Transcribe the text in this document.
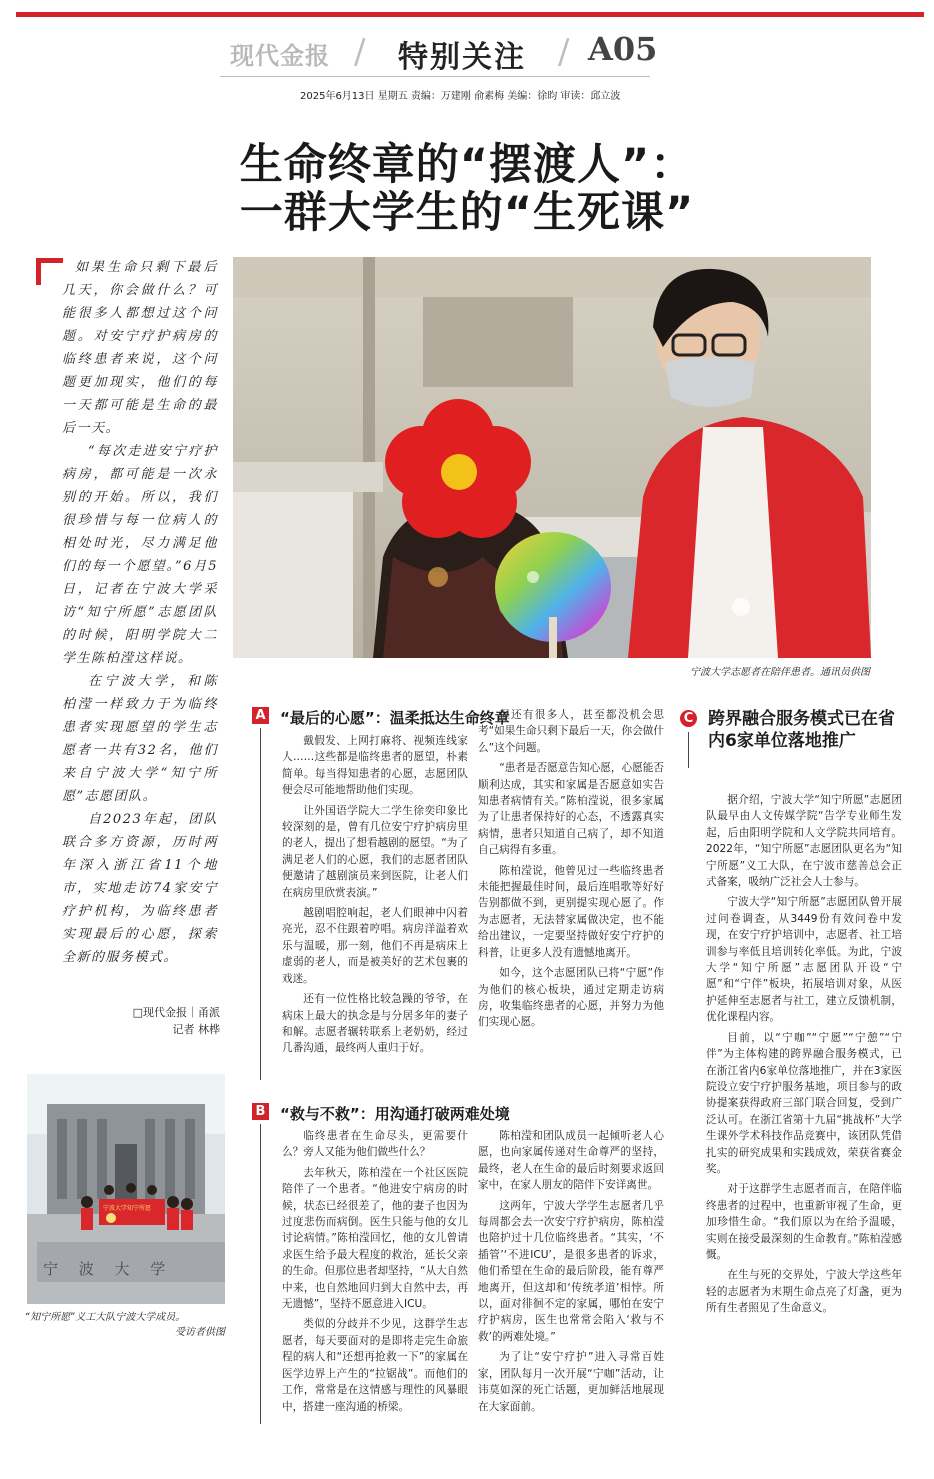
现代金报 / 特别关注 / A05
2025年6月13日 星期五 责编：万建刚 俞素梅 美编：徐昀 审读：邱立波
生命终章的“摆渡人”：
一群大学生的“生死课”

如果生命只剩下最后几天，你会做什么？可能很多人都想过这个问题。对安宁疗护病房的临终患者来说，这个问题更加现实，他们的每一天都可能是生命的最后一天。

“每次走进安宁疗护病房，都可能是一次永别的开始。所以，我们很珍惜与每一位病人的相处时光，尽力满足他们的每一个愿望。”6月5日，记者在宁波大学采访“知宁所愿”志愿团队的时候，阳明学院大二学生陈柏滢这样说。

在宁波大学，和陈柏滢一样致力于为临终患者实现愿望的学生志愿者一共有32名，他们来自宁波大学“知宁所愿”志愿团队。

自2023年起，团队联合多方资源，历时两年深入浙江省11个地市，实地走访74家安宁疗护机构，为临终患者实现最后的心愿，探索全新的服务模式。

□现代金报｜甬派
记者 林桦
宁波大学志愿者在陪伴患者。通讯员供图
宁 波 大 学
宁波大学知宁所愿
“知宁所愿”义工大队宁波大学成员。
受访者供图
A “最后的心愿”：温柔抵达生命终章

戴假发、上网打麻将、视频连线家人……这些都是临终患者的愿望，朴素简单。每当得知患者的心愿，志愿团队便会尽可能地帮助他们实现。

让外国语学院大二学生徐奕印象比较深刻的是，曾有几位安宁疗护病房里的老人，提出了想看越剧的愿望。“为了满足老人们的心愿，我们的志愿者团队便邀请了越剧演员来到医院，让老人们在病房里欣赏表演。”

越剧唱腔响起，老人们眼神中闪着亮光，忍不住跟着哼唱。病房洋溢着欢乐与温暖，那一刻，他们不再是病床上虚弱的老人，而是被美好的艺术包裹的戏迷。

还有一位性格比较急躁的爷爷，在病床上最大的执念是与分居多年的妻子和解。志愿者辗转联系上老奶奶，经过几番沟通，最终两人重归于好。

但还有很多人，甚至都没机会思考“如果生命只剩下最后一天，你会做什么”这个问题。

“患者是否愿意告知心愿，心愿能否顺利达成，其实和家属是否愿意如实告知患者病情有关。”陈柏滢说，很多家属为了让患者保持好的心态，不透露真实病情，患者只知道自己病了，却不知道自己病得有多重。

陈柏滢说，他曾见过一些临终患者未能把握最佳时间，最后连唱歌等好好告别都做不到，更别提实现心愿了。作为志愿者，无法替家属做决定，也不能给出建议，一定要坚持做好安宁疗护的科普，让更多人没有遗憾地离开。

如今，这个志愿团队已将“宁愿”作为他们的核心板块，通过定期走访病房，收集临终患者的心愿，并努力为他们实现心愿。

B “救与不救”：用沟通打破两难处境

临终患者在生命尽头，更需要什么？旁人又能为他们做些什么？

去年秋天，陈柏滢在一个社区医院陪伴了一个患者。“他进安宁病房的时候，状态已经很差了，他的妻子也因为过度悲伤而病倒。医生只能与他的女儿讨论病情。”陈柏滢回忆，他的女儿曾请求医生给予最大程度的救治，延长父亲的生命。但那位患者却坚持，“从大自然中来，也自然地回归到大自然中去，再无遗憾”，坚持不愿意进入ICU。

类似的分歧并不少见，这群学生志愿者，每天要面对的是即将走完生命旅程的病人和“还想再抢救一下”的家属在医学边界上产生的“拉锯战”。而他们的工作，常常是在这情感与理性的风暴眼中，搭建一座沟通的桥梁。

陈柏滢和团队成员一起倾听老人心愿，也向家属传递对生命尊严的坚持，最终，老人在生命的最后时刻要求返回家中，在家人朋友的陪伴下安详离世。

这两年，宁波大学学生志愿者几乎每周都会去一次安宁疗护病房，陈柏滢也陪护过十几位临终患者。“其实，‘不插管’‘不进ICU’，是很多患者的诉求，他们希望在生命的最后阶段，能有尊严地离开，但这却和‘传统孝道’相悖。所以，面对徘徊不定的家属，哪怕在安宁疗护病房，医生也常常会陷入‘救与不救’的两难处境。”

为了让“安宁疗护”进入寻常百姓家，团队每月一次开展“宁咖”活动，让讳莫如深的死亡话题，更加鲜活地展现在大家面前。

C 跨界融合服务模式已在省内6家单位落地推广

据介绍，宁波大学“知宁所愿”志愿团队最早由人文传媒学院“告学专业师生发起，后由阳明学院和人文学院共同培育。2022年，“知宁所愿”志愿团队更名为“知宁所愿”义工大队，在宁波市慈善总会正式备案，吸纳广泛社会人士参与。

宁波大学“知宁所愿”志愿团队曾开展过问卷调查，从3449份有效问卷中发现，在安宁疗护培训中，志愿者、社工培训参与率低且培训转化率低。为此，宁波大学“知宁所愿”志愿团队开设“宁愿”和“宁伴”板块，拓展培训对象，从医护延伸至志愿者与社工，建立反馈机制，优化课程内容。

目前，以“宁咖”“宁愿”“宁憩”“宁伴”为主体构建的跨界融合服务模式，已在浙江省内6家单位落地推广，并在3家医院设立安宁疗护服务基地，项目参与的政协提案获得政府三部门联合回复，受到广泛认可。在浙江省第十九届“挑战杯”大学生课外学术科技作品竞赛中，该团队凭借扎实的研究成果和实践成效，荣获省赛金奖。

对于这群学生志愿者而言，在陪伴临终患者的过程中，也重新审视了生命，更加珍惜生命。“我们原以为在给予温暖，实则在接受最深刻的生命教育。”陈柏滢感慨。

在生与死的交界处，宁波大学这些年轻的志愿者为末期生命点亮了灯盏，更为所有生者照见了生命意义。
